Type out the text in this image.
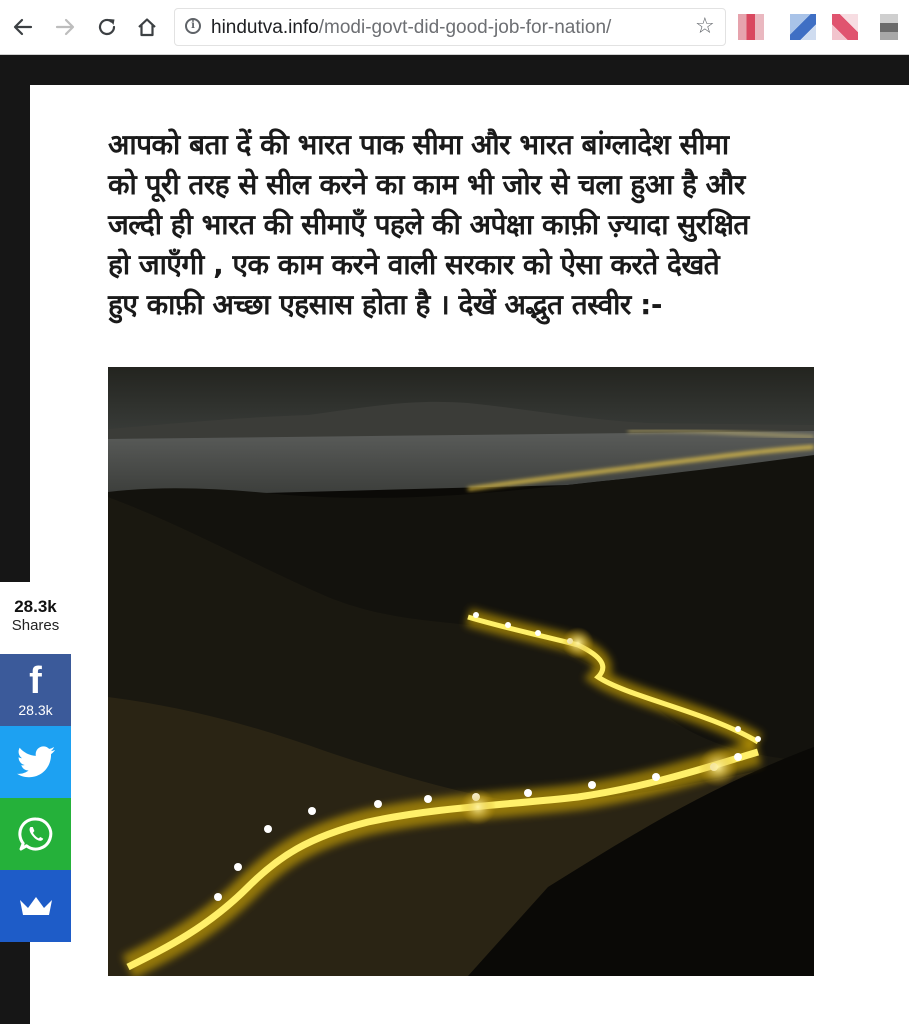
i hindutva.info/modi-govt-did-good-job-for-nation/	☆

आपको बता दें की भारत पाक सीमा और भारत बांग्लादेश सीमा
को पूरी तरह से सील करने का काम भी जोर से चला हुआ है और
जल्दी ही भारत की सीमाएँ पहले की अपेक्षा काफ़ी ज़्यादा सुरक्षित
हो जाएँगी , एक काम करने वाली सरकार को ऐसा करते देखते
हुए काफ़ी अच्छा एहसास होता है । देखें अद्भुत तस्वीर :-

28.3k
Shares
f
28.3k
